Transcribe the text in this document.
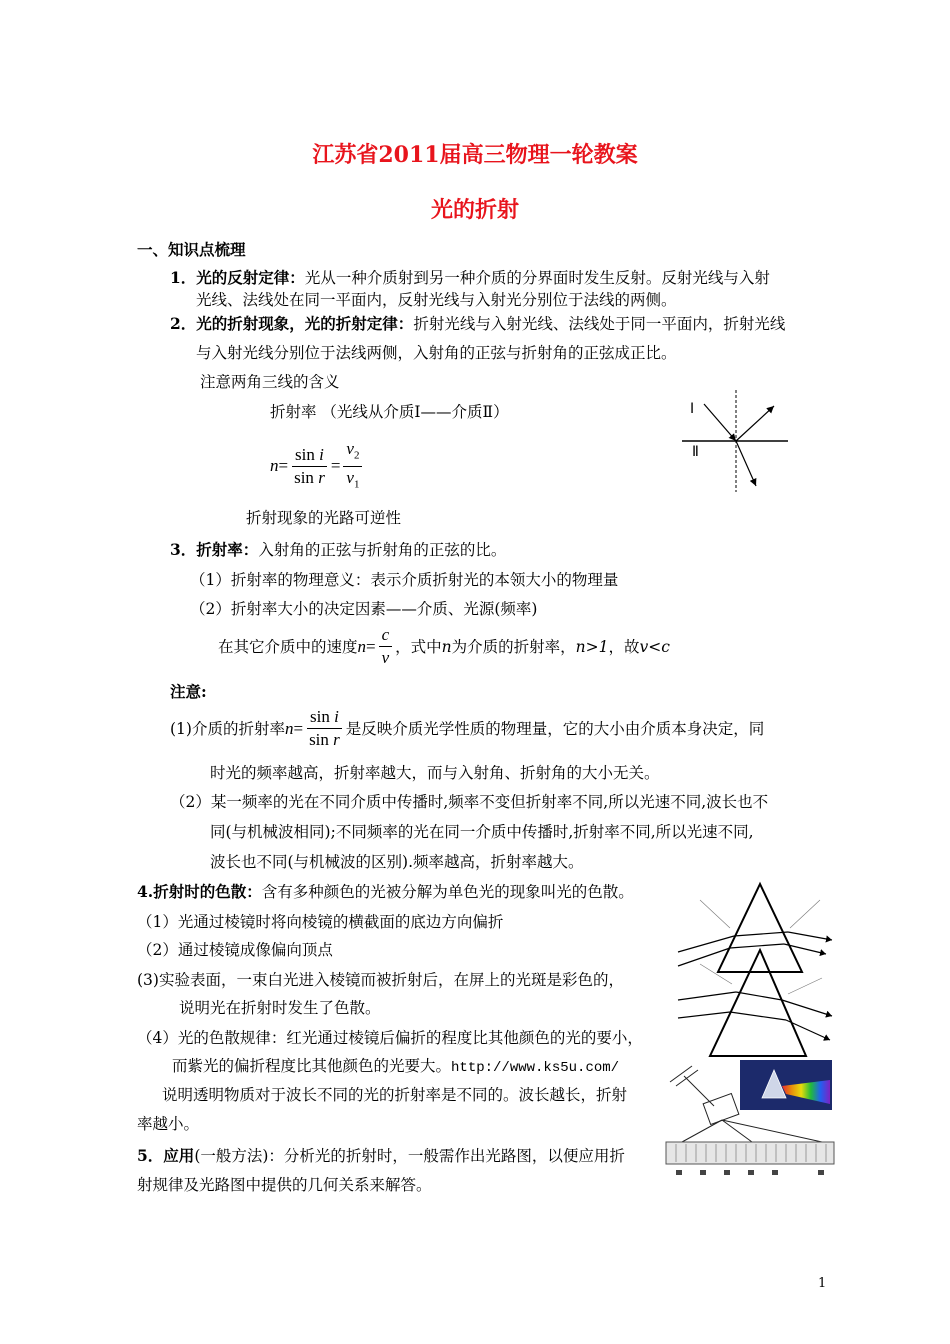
江苏省2011届高三物理一轮教案
光的折射
一、知识点梳理
1．光的反射定律：光从一种介质射到另一种介质的分界面时发生反射。反射光线与入射
光线、法线处在同一平面内，反射光线与入射光分别位于法线的两侧。
2．光的折射现象，光的折射定律：折射光线与入射光线、法线处于同一平面内，折射光线
与入射光线分别位于法线两侧，入射角的正弦与折射角的正弦成正比。
注意两角三线的含义
折射率 （光线从介质Ⅰ——介质Ⅱ）
$n= \frac{\text{sin i}}{\text{sin r}} = \frac{v_2}{v_1}$
折射现象的光路可逆性
Ⅰ
Ⅱ
3．折射率：入射角的正弦与折射角的正弦的比。
（1）折射率的物理意义：表示介质折射光的本领大小的物理量
（2）折射率大小的决定因素——介质、光源(频率)
在其它介质中的速度 $n = \frac{c}{v}$ ，式中 n 为介质的折射率， n>1 ，故 v<c
注意:
(1)介质的折射率 $n = \frac{\text{sin i}}{\text{sin r}}$ 是反映介质光学性质的物理量，它的大小由介质本身决定，同
时光的频率越高，折射率越大，而与入射角、折射角的大小无关。
（2）某一频率的光在不同介质中传播时,频率不变但折射率不同,所以光速不同,波长也不
同(与机械波相同);不同频率的光在同一介质中传播时,折射率不同,所以光速不同,
波长也不同(与机械波的区别).频率越高，折射率越大。
4.折射时的色散：含有多种颜色的光被分解为单色光的现象叫光的色散。
（1）光通过棱镜时将向棱镜的横截面的底边方向偏折
（2）通过棱镜成像偏向顶点
(3)实验表面，一束白光进入棱镜而被折射后，在屏上的光斑是彩色的，
说明光在折射时发生了色散。
（4）光的色散规律：红光通过棱镜后偏折的程度比其他颜色的光的要小，
而紫光的偏折程度比其他颜色的光要大。http://www.ks5u.com/
说明透明物质对于波长不同的光的折射率是不同的。波长越长，折射
率越小。
5．应用(一般方法)：分析光的折射时，一般需作出光路图，以便应用折
射规律及光路图中提供的几何关系来解答。
1
